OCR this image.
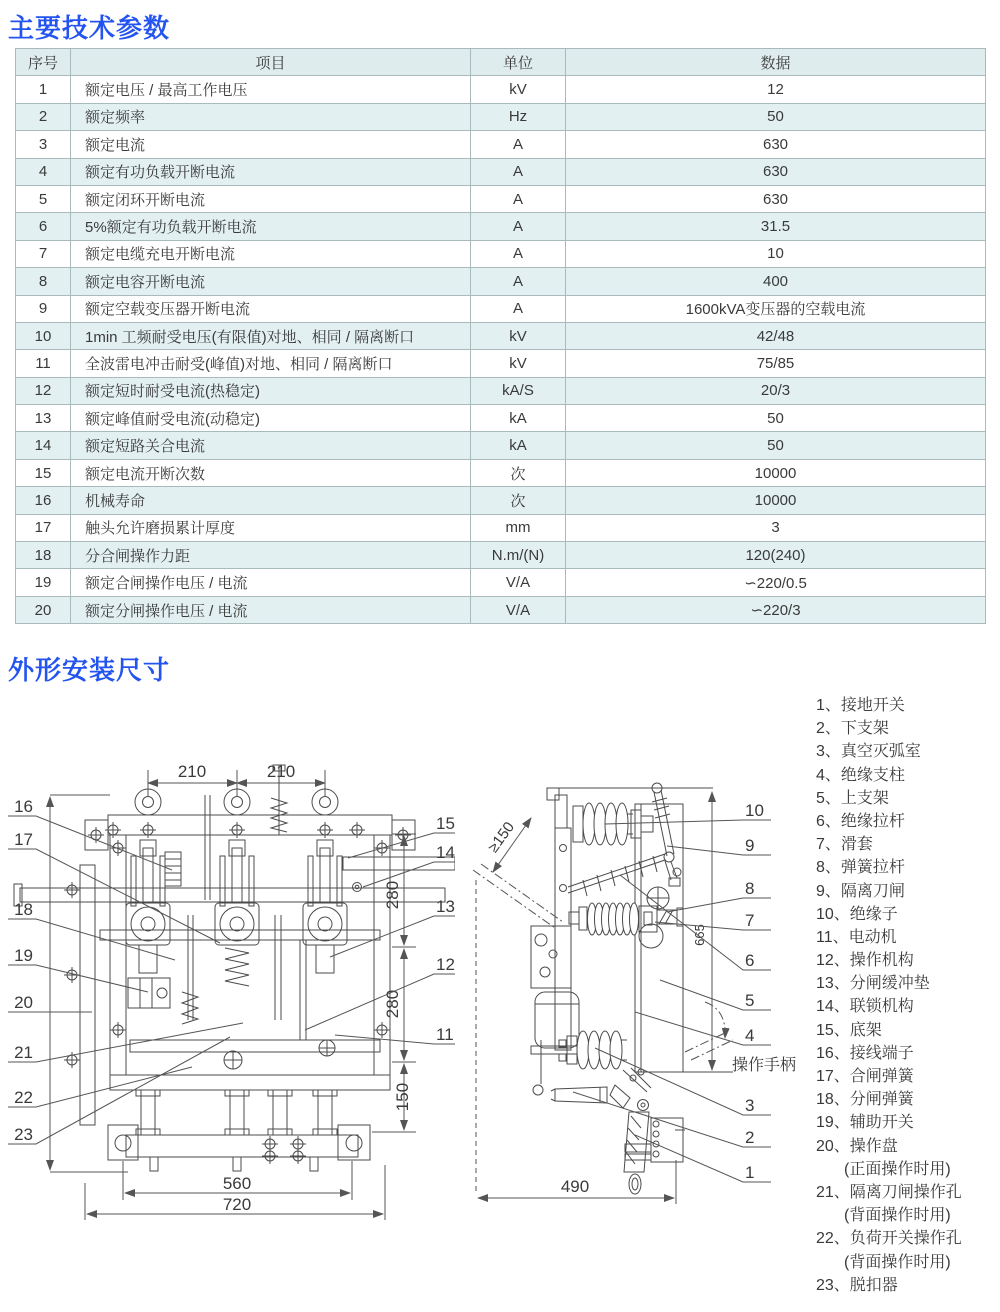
主要技术参数
序号	项目	单位	数据
1	额定电压 / 最高工作电压	kV	12
2	额定频率	Hz	50
3	额定电流	A	630
4	额定有功负载开断电流	A	630
5	额定闭环开断电流	A	630
6	5%额定有功负载开断电流	A	31.5
7	额定电缆充电开断电流	A	10
8	额定电容开断电流	A	400
9	额定空载变压器开断电流	A	1600kVA变压器的空载电流
10	1min 工频耐受电压(有限值)对地、相同 / 隔离断口	kV	42/48
11	全波雷电冲击耐受(峰值)对地、相同 / 隔离断口	kV	75/85
12	额定短时耐受电流(热稳定)	kA/S	20/3
13	额定峰值耐受电流(动稳定)	kA	50
14	额定短路关合电流	kA	50
15	额定电流开断次数	次	10000
16	机械寿命	次	10000
17	触头允许磨损累计厚度	mm	3
18	分合闸操作力距	N.m/(N)	120(240)
19	额定合闸操作电压 / 电流	V/A	∽220/0.5
20	额定分闸操作电压 / 电流	V/A	∽220/3
外形安装尺寸
210	210
280
280
150
560
720
16
17
18
19
20
21
22
23
15
14
13
12
11
操作手柄
≥150
665
490
10
9
8
7
6
5
4
3
2
1
1、接地开关
2、下支架
3、真空灭弧室
4、绝缘支柱
5、上支架
6、绝缘拉杆
7、滑套
8、弹簧拉杆
9、隔离刀闸
10、绝缘子
11、电动机
12、操作机构
13、分闸缓冲垫
14、联锁机构
15、底架
16、接线端子
17、合闸弹簧
18、分闸弹簧
19、辅助开关
20、操作盘
(正面操作时用)
21、隔离刀闸操作孔
(背面操作时用)
22、负荷开关操作孔
(背面操作时用)
23、脱扣器
